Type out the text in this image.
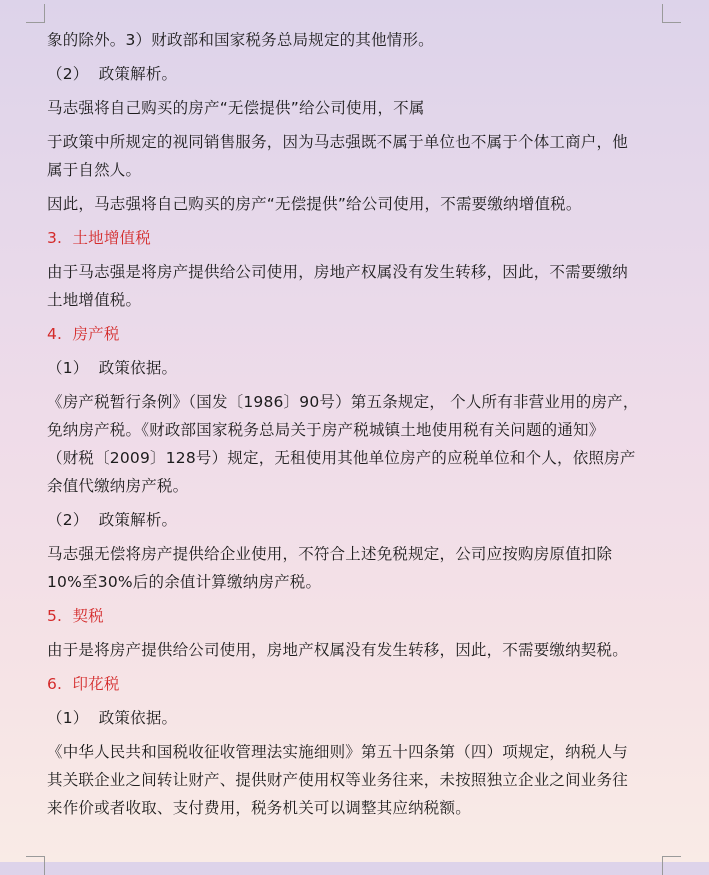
象的除外。3）财政部和国家税务总局规定的其他情形。
（2）  政策解析。
马志强将自己购买的房产“无偿提供”给公司使用，不属
于政策中所规定的视同销售服务，因为马志强既不属于单位也不属于个体工商户，他
属于自然人。
因此，马志强将自己购买的房产“无偿提供”给公司使用，不需要缴纳增值税。
3.  土地增值税
由于马志强是将房产提供给公司使用，房地产权属没有发生转移，因此，不需要缴纳
土地增值税。
4.  房产税
（1）  政策依据。
《房产税暂行条例》（国发〔1986〕90号）第五条规定， 个人所有非营业用的房产，
免纳房产税。《财政部国家税务总局关于房产税城镇土地使用税有关问题的通知》
（财税〔2009〕128号）规定，无租使用其他单位房产的应税单位和个人，依照房产
余值代缴纳房产税。
（2）  政策解析。
马志强无偿将房产提供给企业使用，不符合上述免税规定，公司应按购房原值扣除
10%至30%后的余值计算缴纳房产税。
5.  契税
由于是将房产提供给公司使用，房地产权属没有发生转移，因此，不需要缴纳契税。
6.  印花税
（1）  政策依据。
《中华人民共和国税收征收管理法实施细则》第五十四条第（四）项规定，纳税人与
其关联企业之间转让财产、提供财产使用权等业务往来，未按照独立企业之间业务往
来作价或者收取、支付费用，税务机关可以调整其应纳税额。
